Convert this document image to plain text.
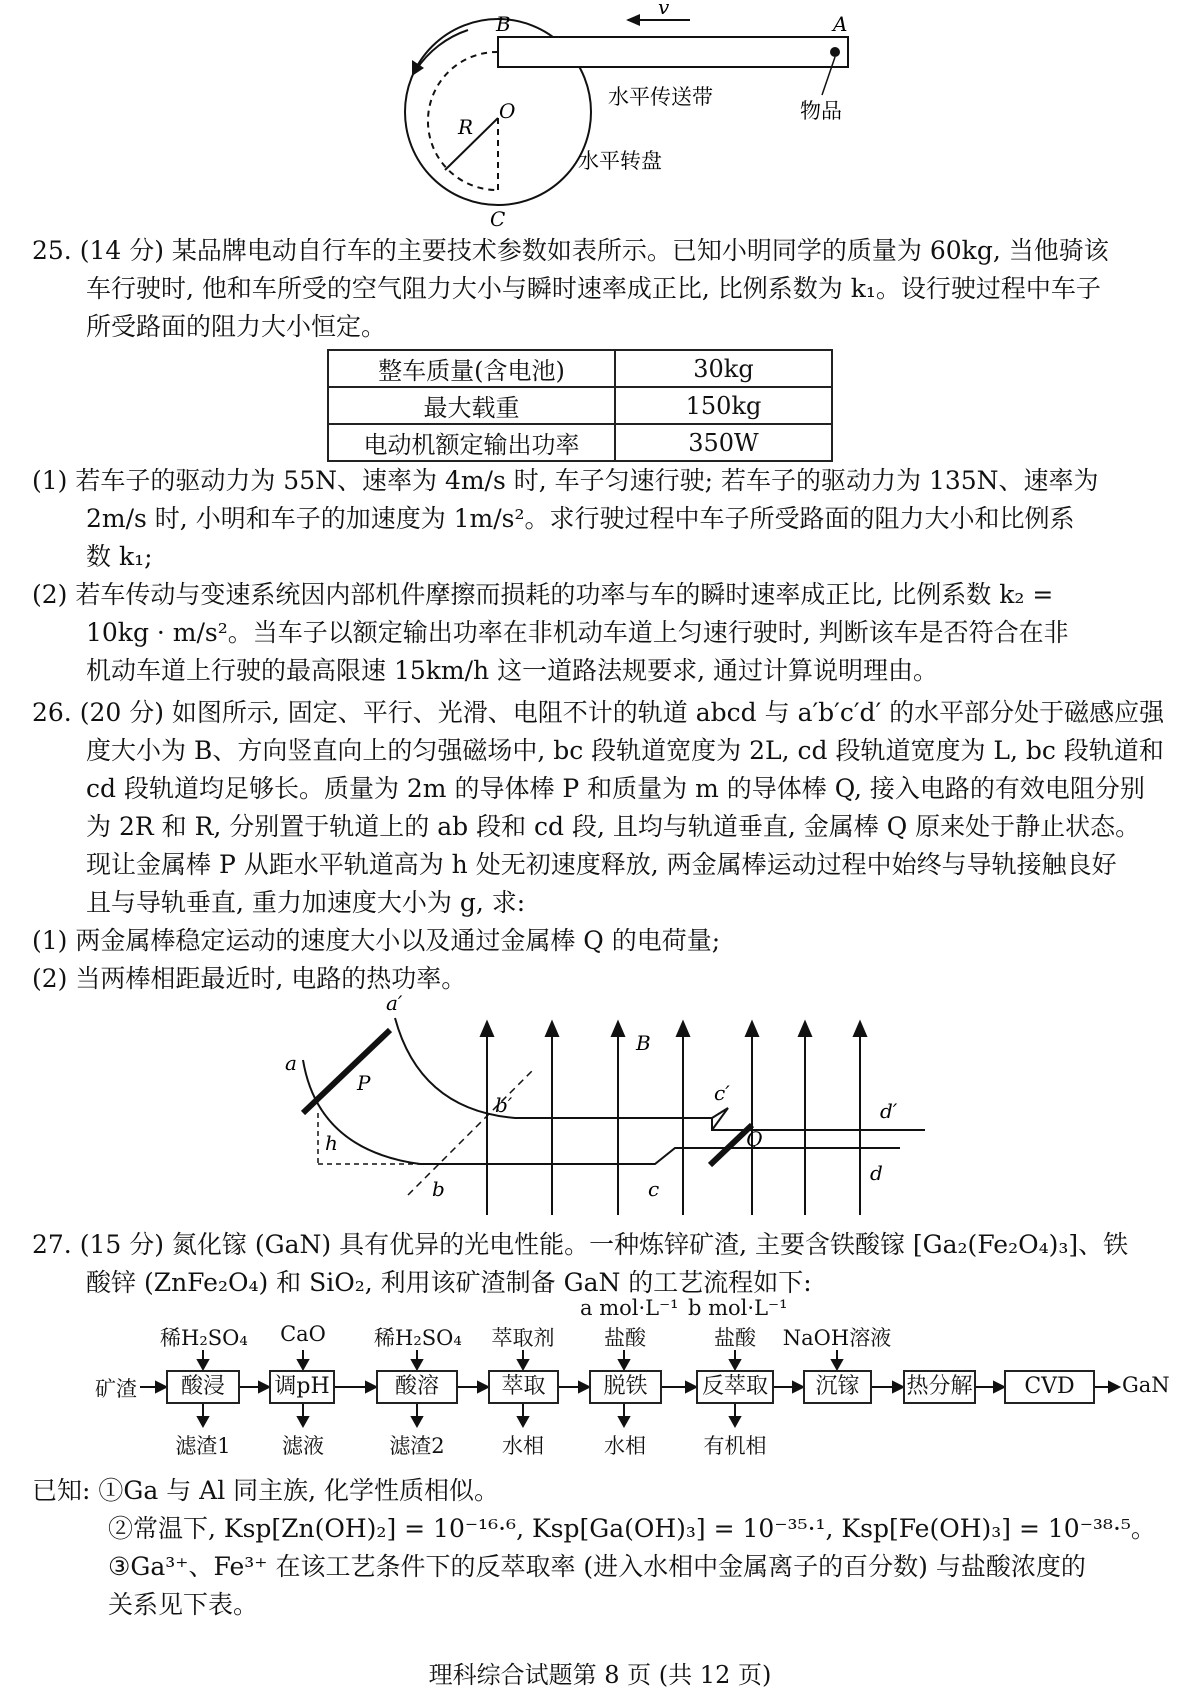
B	A
v
O
R
C
水平传送带
物品
水平转盘
25. (14 分) 某品牌电动自行车的主要技术参数如表所示。已知小明同学的质量为 60kg, 当他骑该
车行驶时, 他和车所受的空气阻力大小与瞬时速率成正比, 比例系数为 k₁。设行驶过程中车子
所受路面的阻力大小恒定。
整车质量(含电池)	30kg
最大载重	150kg
电动机额定输出功率	350W
(1) 若车子的驱动力为 55N、速率为 4m/s 时, 车子匀速行驶; 若车子的驱动力为 135N、速率为
2m/s 时, 小明和车子的加速度为 1m/s²。求行驶过程中车子所受路面的阻力大小和比例系
数 k₁;
(2) 若车传动与变速系统因内部机件摩擦而损耗的功率与车的瞬时速率成正比, 比例系数 k₂ =
10kg · m/s²。当车子以额定输出功率在非机动车道上匀速行驶时, 判断该车是否符合在非
机动车道上行驶的最高限速 15km/h 这一道路法规要求, 通过计算说明理由。
26. (20 分) 如图所示, 固定、平行、光滑、电阻不计的轨道 abcd 与 a′b′c′d′ 的水平部分处于磁感应强
度大小为 B、方向竖直向上的匀强磁场中, bc 段轨道宽度为 2L, cd 段轨道宽度为 L, bc 段轨道和
cd 段轨道均足够长。质量为 2m 的导体棒 P 和质量为 m 的导体棒 Q, 接入电路的有效电阻分别
为 2R 和 R, 分别置于轨道上的 ab 段和 cd 段, 且均与轨道垂直, 金属棒 Q 原来处于静止状态。
现让金属棒 P 从距水平轨道高为 h 处无初速度释放, 两金属棒运动过程中始终与导轨接触良好
且与导轨垂直, 重力加速度大小为 g, 求:
(1) 两金属棒稳定运动的速度大小以及通过金属棒 Q 的电荷量;
(2) 当两棒相距最近时, 电路的热功率。
a′
a
P
h
b
b′
B
c′
d′
Q
c
d
27. (15 分) 氮化镓 (GaN) 具有优异的光电性能。一种炼锌矿渣, 主要含铁酸镓 [Ga₂(Fe₂O₄)₃]、铁
酸锌 (ZnFe₂O₄) 和 SiO₂, 利用该矿渣制备 GaN 的工艺流程如下:
矿渣	GaN
酸浸	调pH	酸溶	萃取	脱铁	反萃取	沉镓	热分解	CVD
稀H₂SO₄	CaO	稀H₂SO₄	萃取剂
a mol·L⁻¹
盐酸
b mol·L⁻¹
盐酸	NaOH溶液
滤渣1	滤液	滤渣2	水相	水相	有机相
已知: ①Ga 与 Al 同主族, 化学性质相似。
②常温下, Ksp[Zn(OH)₂] = 10⁻¹⁶·⁶, Ksp[Ga(OH)₃] = 10⁻³⁵·¹, Ksp[Fe(OH)₃] = 10⁻³⁸·⁵。
③Ga³⁺、Fe³⁺ 在该工艺条件下的反萃取率 (进入水相中金属离子的百分数) 与盐酸浓度的
关系见下表。
理科综合试题第 8 页 (共 12 页)
